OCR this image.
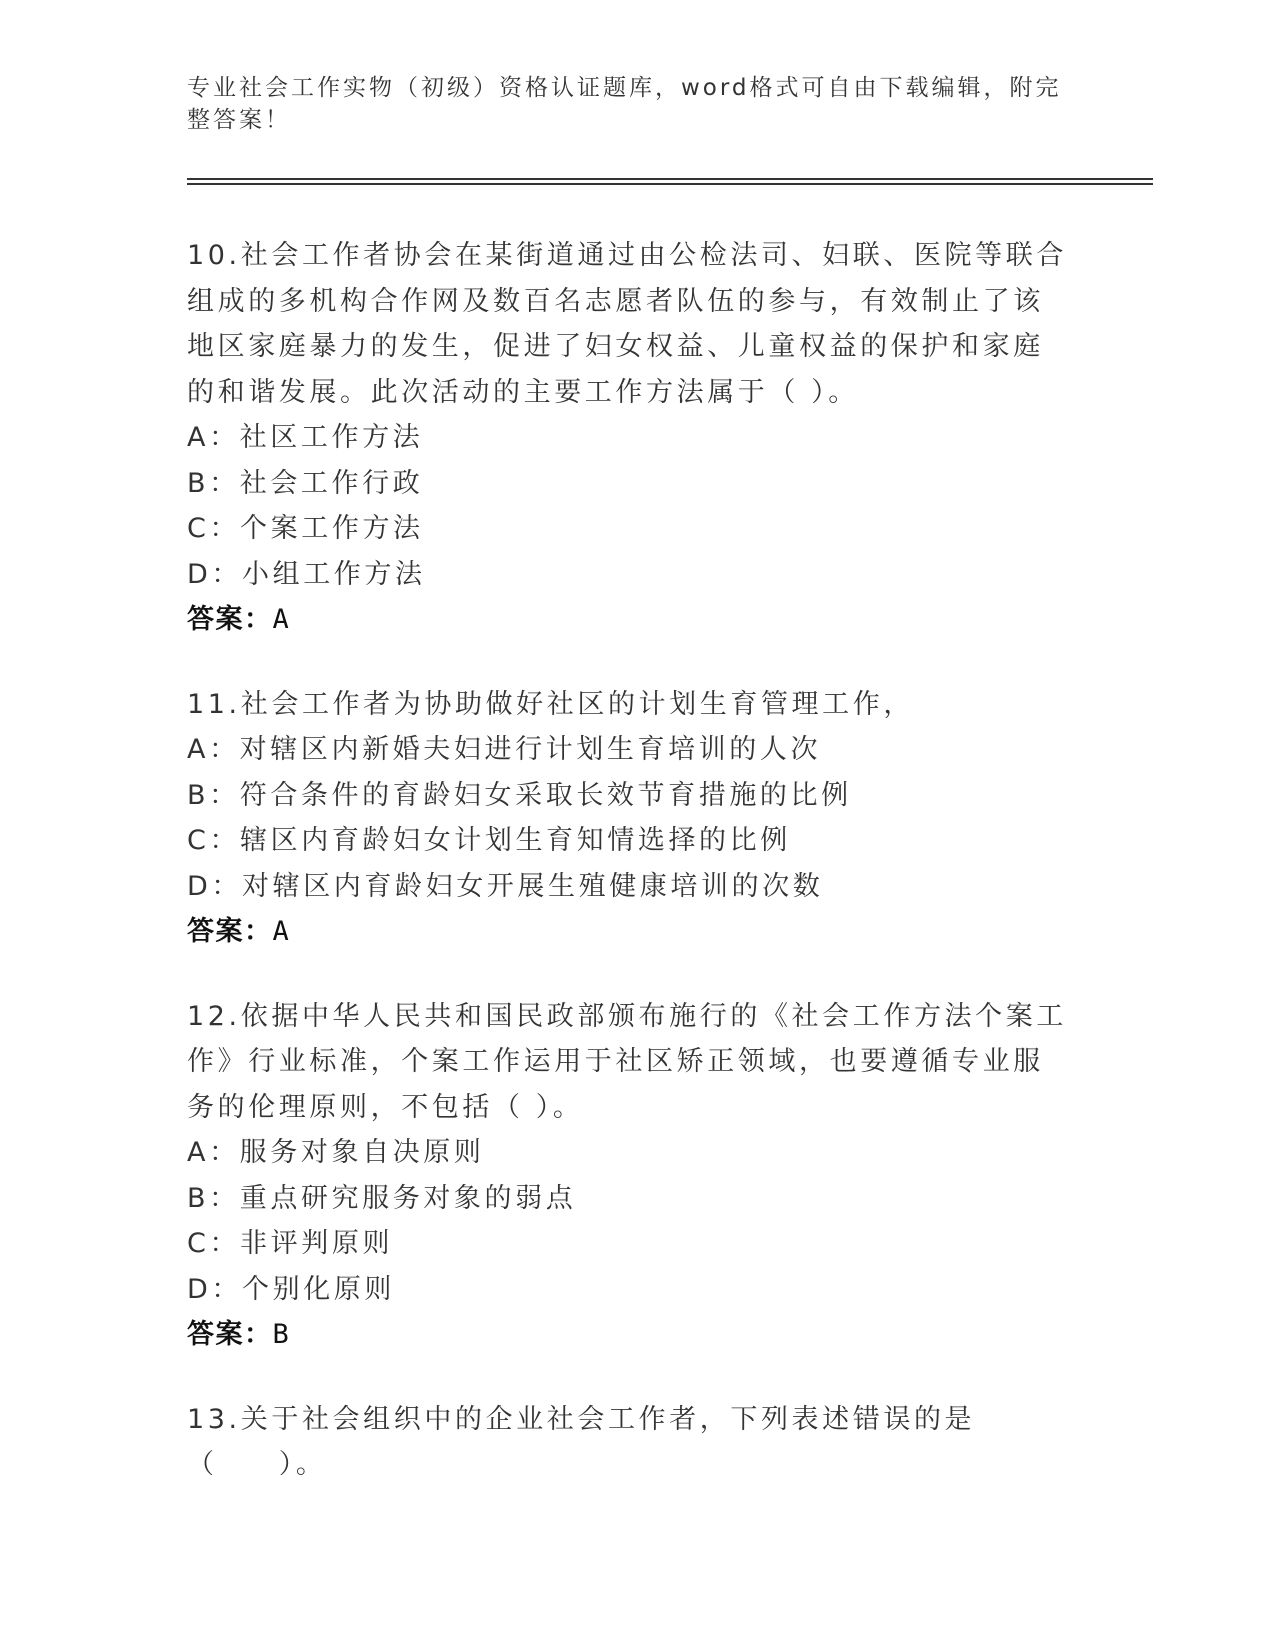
专业社会工作实物（初级）资格认证题库，word格式可自由下载编辑，附完整答案！
10.社会工作者协会在某街道通过由公检法司、妇联、医院等联合组成的多机构合作网及数百名志愿者队伍的参与，有效制止了该地区家庭暴力的发生，促进了妇女权益、儿童权益的保护和家庭的和谐发展。此次活动的主要工作方法属于（ ）。
A：社区工作方法
B：社会工作行政
C：个案工作方法
D：小组工作方法
答案：A
11.社会工作者为协助做好社区的计划生育管理工作，
A：对辖区内新婚夫妇进行计划生育培训的人次
B：符合条件的育龄妇女采取长效节育措施的比例
C：辖区内育龄妇女计划生育知情选择的比例
D：对辖区内育龄妇女开展生殖健康培训的次数
答案：A
12.依据中华人民共和国民政部颁布施行的《社会工作方法个案工作》行业标准，个案工作运用于社区矫正领域，也要遵循专业服务的伦理原则，不包括（ ）。
A：服务对象自决原则
B：重点研究服务对象的弱点
C：非评判原则
D：个别化原则
答案：B
13.关于社会组织中的企业社会工作者，下列表述错误的是（　　）。
